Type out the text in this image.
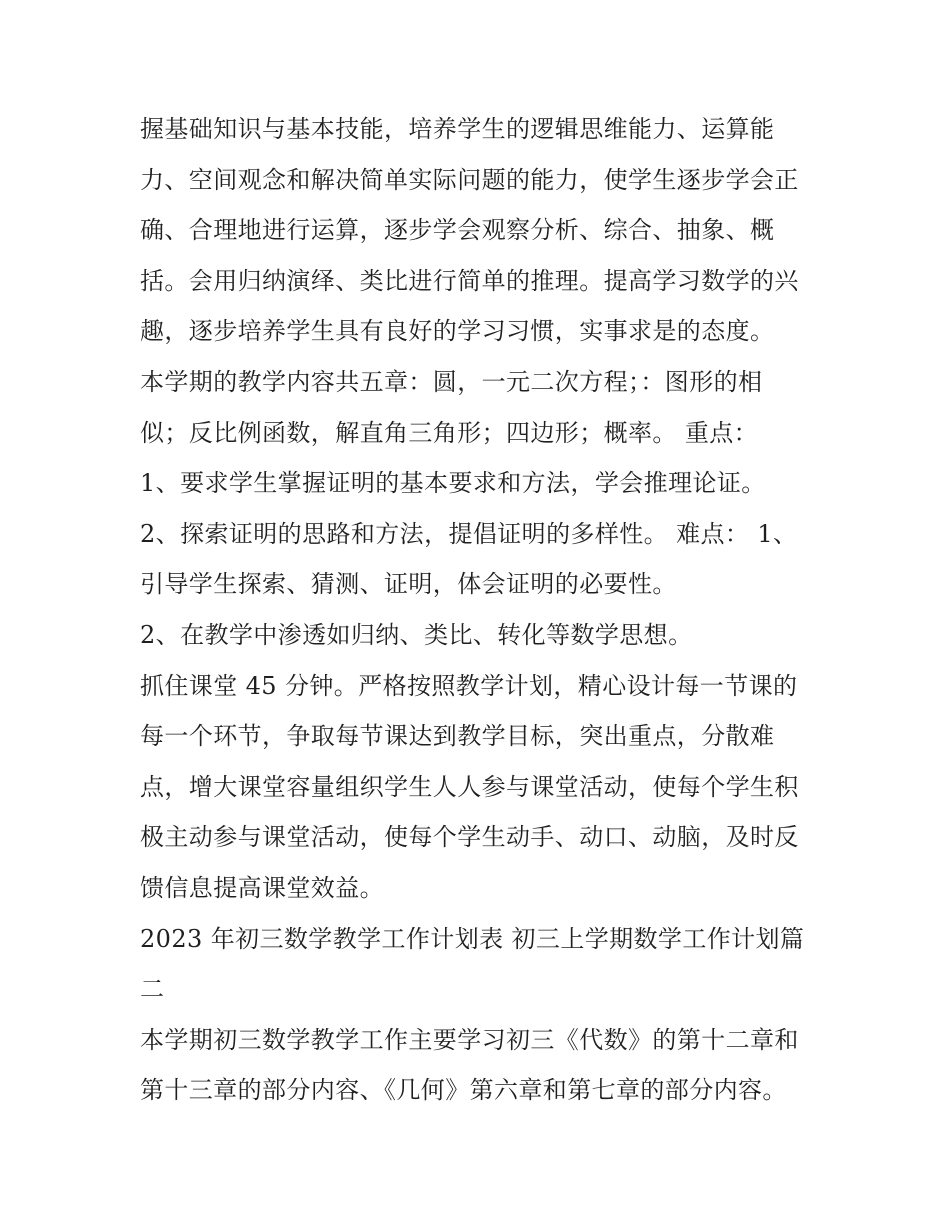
握基础知识与基本技能，培养学生的逻辑思维能力、运算能
力、空间观念和解决简单实际问题的能力，使学生逐步学会正
确、合理地进行运算，逐步学会观察分析、综合、抽象、概
括。会用归纳演绎、类比进行简单的推理。提高学习数学的兴
趣，逐步培养学生具有良好的学习习惯，实事求是的态度。
本学期的教学内容共五章：圆，一元二次方程；：图形的相
似；反比例函数，解直角三角形；四边形；概率。 重点：
1、要求学生掌握证明的基本要求和方法，学会推理论证。
2、探索证明的思路和方法，提倡证明的多样性。 难点： 1、
引导学生探索、猜测、证明，体会证明的必要性。
2、在教学中渗透如归纳、类比、转化等数学思想。
抓住课堂 45 分钟。严格按照教学计划，精心设计每一节课的
每一个环节，争取每节课达到教学目标，突出重点，分散难
点，增大课堂容量组织学生人人参与课堂活动，使每个学生积
极主动参与课堂活动，使每个学生动手、动口、动脑，及时反
馈信息提高课堂效益。
2023 年初三数学教学工作计划表 初三上学期数学工作计划篇
二
本学期初三数学教学工作主要学习初三《代数》的第十二章和
第十三章的部分内容、《几何》第六章和第七章的部分内容。
